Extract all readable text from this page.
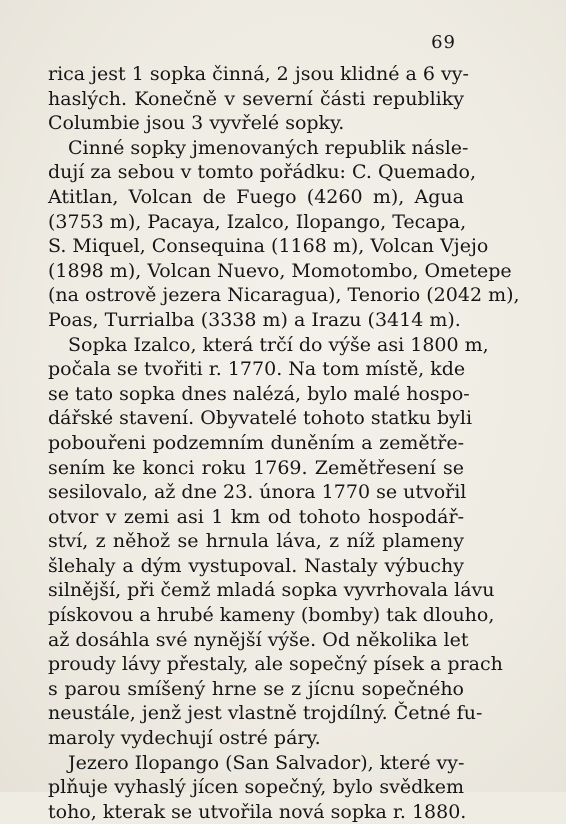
69
rica jest 1 sopka činná, 2 jsou klidné a 6 vy-
haslých. Konečně v severní části republiky
Columbie jsou 3 vyvřelé sopky.
Cinné sopky jmenovaných republik násle-
dují za sebou v tomto pořádku: C. Quemado,
Atitlan, Volcan de Fuego (4260 m), Agua
(3753 m), Pacaya, Izalco, Ilopango, Tecapa,
S. Miquel, Consequina (1168 m), Volcan Vjejo
(1898 m), Volcan Nuevo, Momotombo, Ometepe
(na ostrově jezera Nicaragua), Tenorio (2042 m),
Poas, Turrialba (3338 m) a Irazu (3414 m).
Sopka Izalco, která trčí do výše asi 1800 m,
počala se tvořiti r. 1770. Na tom místě, kde
se tato sopka dnes nalézá, bylo malé hospo-
dářské stavení. Obyvatelé tohoto statku byli
pobouřeni podzemním duněním a zemětře-
sením ke konci roku 1769. Zemětřesení se
sesilovalo, až dne 23. února 1770 se utvořil
otvor v zemi asi 1 km od tohoto hospodář-
ství, z něhož se hrnula láva, z níž plameny
šlehaly a dým vystupoval. Nastaly výbuchy
silnější, při čemž mladá sopka vyvrhovala lávu
pískovou a hrubé kameny (bomby) tak dlouho,
až dosáhla své nynější výše. Od několika let
proudy lávy přestaly, ale sopečný písek a prach
s parou smíšený hrne se z jícnu sopečného
neustále, jenž jest vlastně trojdílný. Četné fu-
maroly vydechují ostré páry.
Jezero Ilopango (San Salvador), které vy-
plňuje vyhaslý jícen sopečný, bylo svědkem
toho, kterak se utvořila nová sopka r. 1880.
